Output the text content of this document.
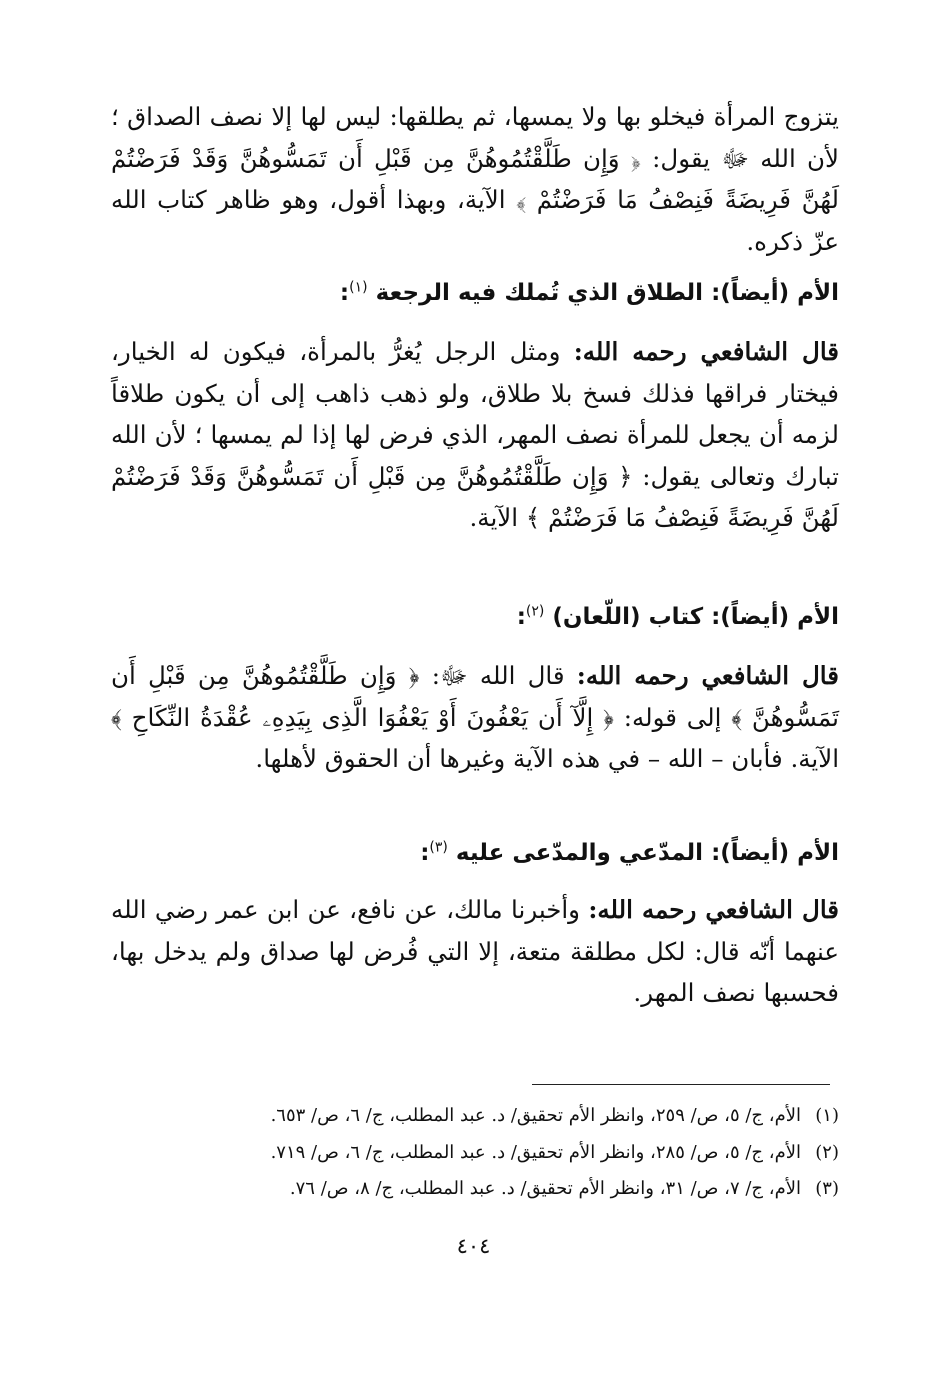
يتزوج المرأة فيخلو بها ولا يمسها، ثم يطلقها: ليس لها إلا نصف الصداق ؛ لأن الله ﷻ يقول: ﴿ وَإِن طَلَّقْتُمُوهُنَّ مِن قَبْلِ أَن تَمَسُّوهُنَّ وَقَدْ فَرَضْتُمْ لَهُنَّ فَرِيضَةً فَنِصْفُ مَا فَرَضْتُمْ ﴾ الآية، وبهذا أقول، وهو ظاهر كتاب الله عزّ ذكره.

الأم (أيضاً): الطلاق الذي تُملك فيه الرجعة $^{(١)}$:

قال الشافعي رحمه الله: ومثل الرجل يُغرُّ بالمرأة، فيكون له الخيار، فيختار فراقها فذلك فسخ بلا طلاق، ولو ذهب ذاهب إلى أن يكون طلاقاً لزمه أن يجعل للمرأة نصف المهر، الذي فرض لها إذا لم يمسها ؛ لأن الله تبارك وتعالى يقول: ﴿ وَإِن طَلَّقْتُمُوهُنَّ مِن قَبْلِ أَن تَمَسُّوهُنَّ وَقَدْ فَرَضْتُمْ لَهُنَّ فَرِيضَةً فَنِصْفُ مَا فَرَضْتُمْ ﴾ الآية.

الأم (أيضاً): كتاب (اللّعان) $^{(٢)}$:

قال الشافعي رحمه الله: قال الله ﷻ: ﴿ وَإِن طَلَّقْتُمُوهُنَّ مِن قَبْلِ أَن تَمَسُّوهُنَّ ﴾ إلى قوله: ﴿ إِلَّآ أَن يَعْفُونَ أَوْ يَعْفُوَا الَّذِى بِيَدِهِۦ عُقْدَةُ النِّكَاحِ ﴾ الآية. فأبان – الله – في هذه الآية وغيرها أن الحقوق لأهلها.

الأم (أيضاً): المدّعي والمدّعى عليه $^{(٣)}$:

قال الشافعي رحمه الله: وأخبرنا مالك، عن نافع، عن ابن عمر رضي الله عنهما أنّه قال: لكل مطلقة متعة، إلا التي فُرض لها صداق ولم يدخل بها، فحسبها نصف المهر.

(١)الأم، ج/ ٥، ص/ ٢٥٩، وانظر الأم تحقيق/ د. عبد المطلب، ج/ ٦، ص/ ٦٥٣.

(٢)الأم، ج/ ٥، ص/ ٢٨٥، وانظر الأم تحقيق/ د. عبد المطلب، ج/ ٦، ص/ ٧١٩.

(٣)الأم، ج/ ٧، ص/ ٣١، وانظر الأم تحقيق/ د. عبد المطلب، ج/ ٨، ص/ ٧٦.

٤٠٤
